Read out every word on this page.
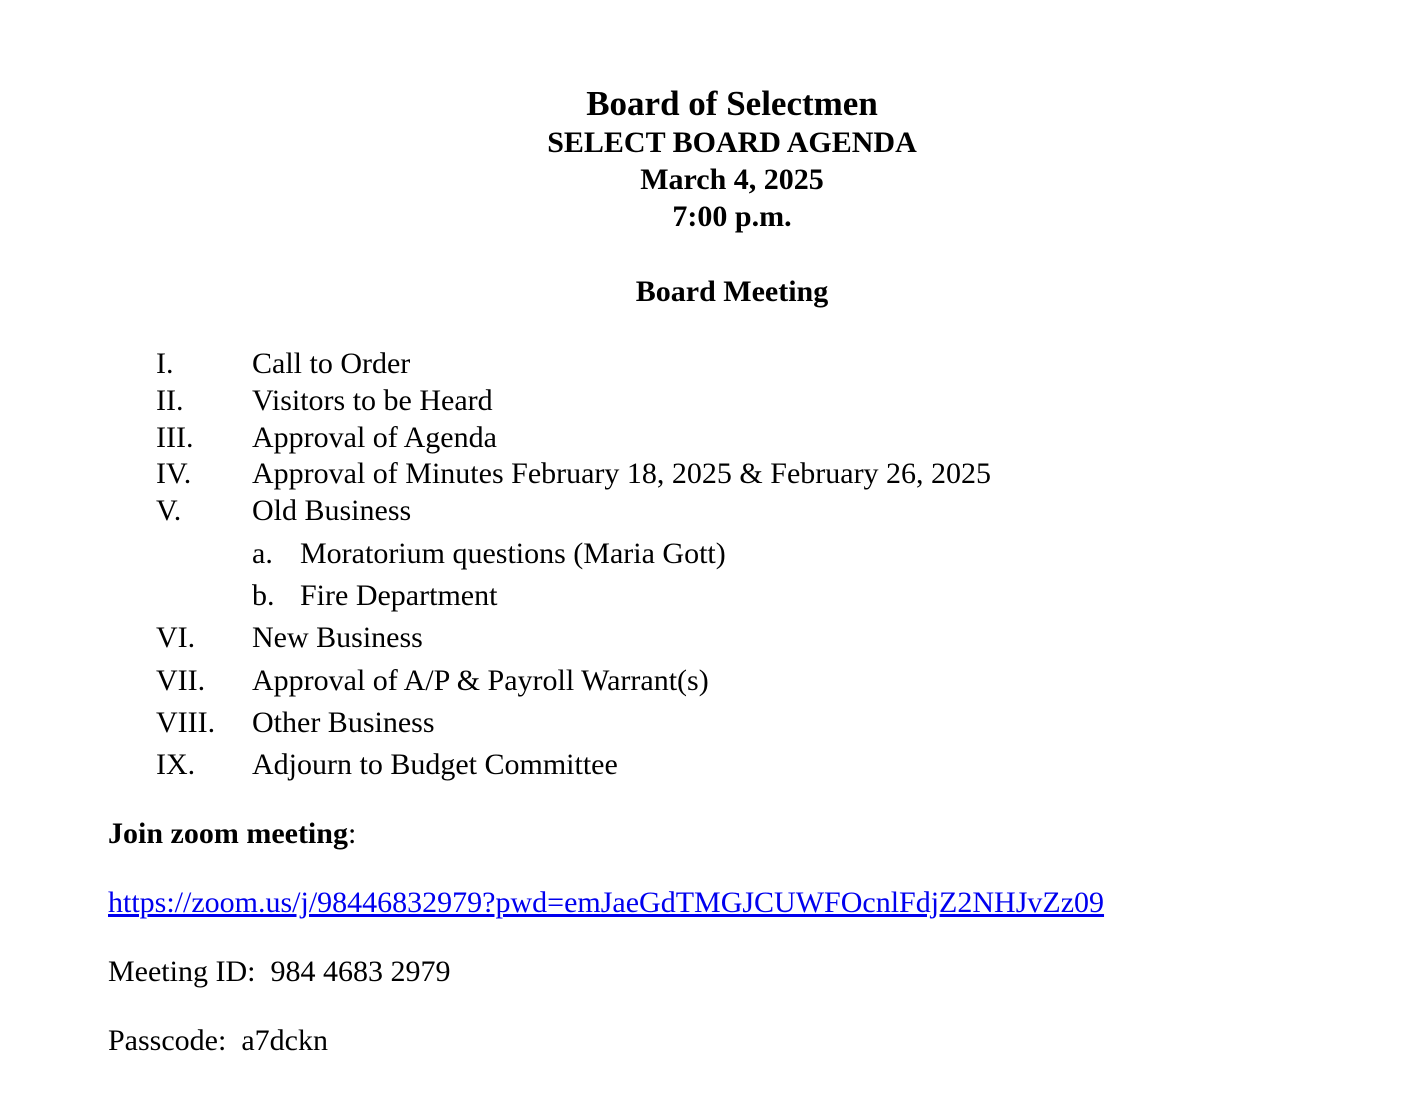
Board of Selectmen
SELECT BOARD AGENDA
March 4, 2025
7:00 p.m.
Board Meeting
I.	Call to Order
II. Visitors to be Heard
III. Approval of Agenda
IV. Approval of Minutes February 18, 2025 & February 26, 2025
V. Old Business
a. Moratorium questions (Maria Gott)
b. Fire Department
VI. New Business
VII. Approval of A/P & Payroll Warrant(s)
VIII. Other Business
IX. Adjourn to Budget Committee
Join zoom meeting:
https://zoom.us/j/98446832979?pwd=emJaeGdTMGJCUWFOcnlFdjZ2NHJvZz09
Meeting ID: 984 4683 2979
Passcode: a7dckn
